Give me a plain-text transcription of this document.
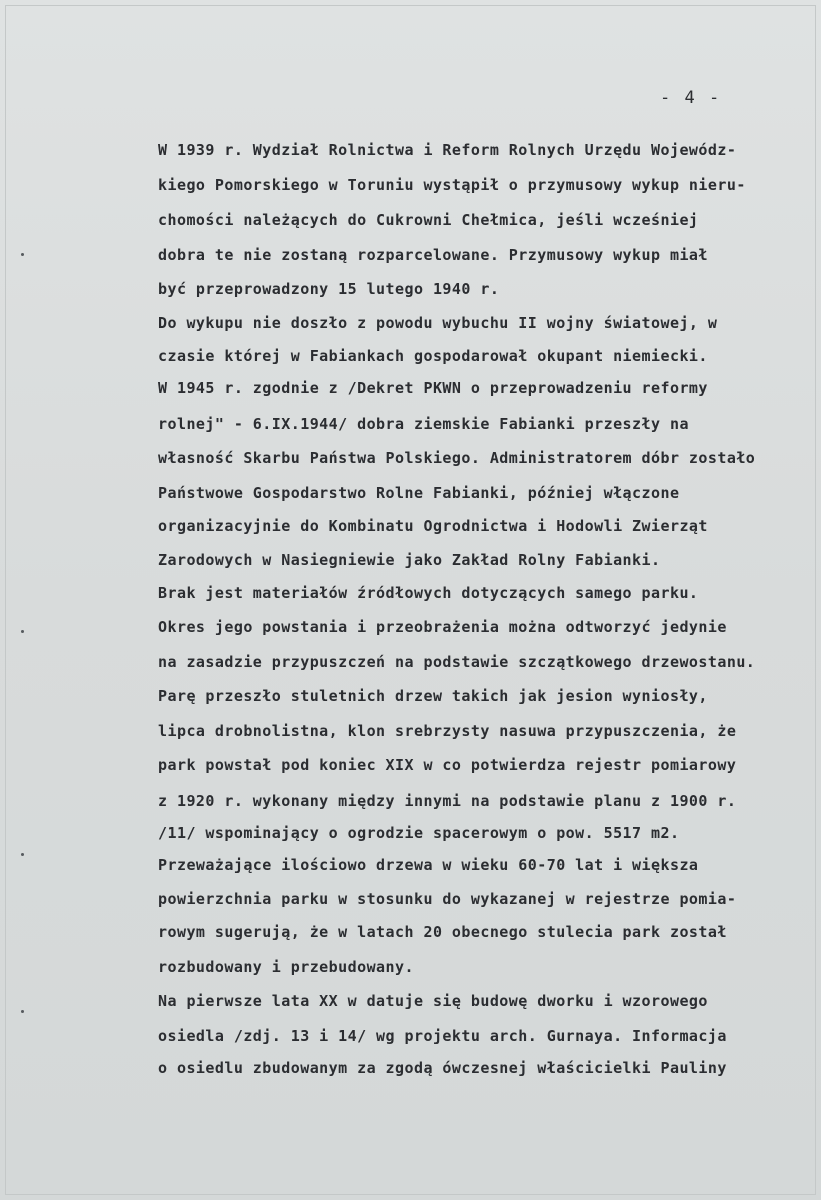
- 4 -
W 1939 r. Wydział Rolnictwa i Reform Rolnych Urzędu Wojewódz-
kiego Pomorskiego w Toruniu wystąpił o przymusowy wykup nieru-
chomości należących do Cukrowni Chełmica, jeśli wcześniej
dobra te nie zostaną rozparcelowane. Przymusowy wykup miał
być przeprowadzony 15 lutego 1940 r.
Do wykupu nie doszło z powodu wybuchu II wojny światowej, w
czasie której w Fabiankach gospodarował okupant niemiecki.
W 1945 r. zgodnie z /Dekret PKWN o przeprowadzeniu reformy
rolnej" - 6.IX.1944/ dobra ziemskie Fabianki przeszły na
własność Skarbu Państwa Polskiego. Administratorem dóbr zostało
Państwowe Gospodarstwo Rolne Fabianki, później włączone
organizacyjnie do Kombinatu Ogrodnictwa i Hodowli Zwierząt
Zarodowych w Nasiegniewie jako Zakład Rolny Fabianki.
Brak jest materiałów źródłowych dotyczących samego parku.
Okres jego powstania i przeobrażenia można odtworzyć jedynie
na zasadzie przypuszczeń na podstawie szczątkowego drzewostanu.
Parę przeszło stuletnich drzew takich jak jesion wyniosły,
lipca drobnolistna, klon srebrzysty nasuwa przypuszczenia, że
park powstał pod koniec XIX w co potwierdza rejestr pomiarowy
z 1920 r. wykonany między innymi na podstawie planu z 1900 r.
/11/ wspominający o ogrodzie spacerowym o pow. 5517 m2.
Przeważające ilościowo drzewa w wieku 60-70 lat i większa
powierzchnia parku w stosunku do wykazanej w rejestrze pomia-
rowym sugerują, że w latach 20 obecnego stulecia park został
rozbudowany i przebudowany.
Na pierwsze lata XX w datuje się budowę dworku i wzorowego
osiedla /zdj. 13 i 14/ wg projektu arch. Gurnaya. Informacja
o osiedlu zbudowanym za zgodą ówczesnej właścicielki Pauliny
